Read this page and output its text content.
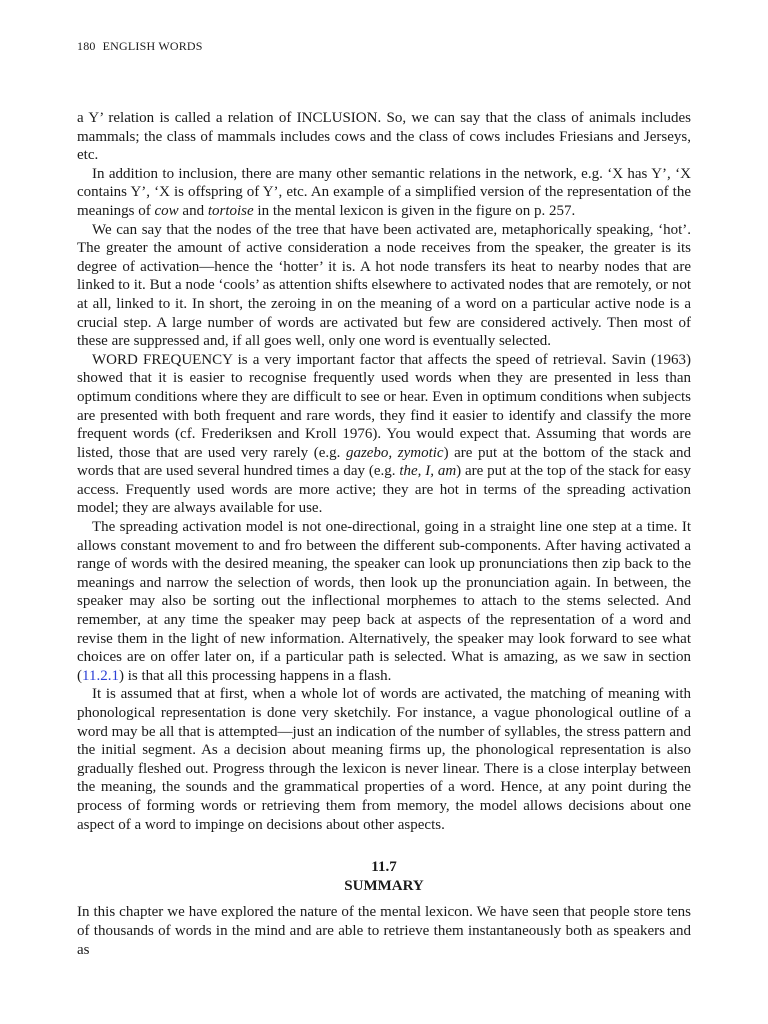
180 ENGLISH WORDS

a Y’ relation is called a relation of INCLUSION. So, we can say that the class of animals includes mammals; the class of mammals includes cows and the class of cows includes Friesians and Jerseys, etc.

In addition to inclusion, there are many other semantic relations in the network, e.g. ‘X has Y’, ‘X contains Y’, ‘X is offspring of Y’, etc. An example of a simplified version of the representation of the meanings of cow and tortoise in the mental lexicon is given in the figure on p. 257.

We can say that the nodes of the tree that have been activated are, metaphorically speaking, ‘hot’. The greater the amount of active consideration a node receives from the speaker, the greater is its degree of activation—hence the ‘hotter’ it is. A hot node transfers its heat to nearby nodes that are linked to it. But a node ‘cools’ as attention shifts elsewhere to activated nodes that are remotely, or not at all, linked to it. In short, the zeroing in on the meaning of a word on a particular active node is a crucial step. A large number of words are activated but few are considered actively. Then most of these are suppressed and, if all goes well, only one word is eventually selected.

WORD FREQUENCY is a very important factor that affects the speed of retrieval. Savin (1963) showed that it is easier to recognise frequently used words when they are presented in less than optimum conditions where they are difficult to see or hear. Even in optimum conditions when subjects are presented with both frequent and rare words, they find it easier to identify and classify the more frequent words (cf. Frederiksen and Kroll 1976). You would expect that. Assuming that words are listed, those that are used very rarely (e.g. gazebo, zymotic) are put at the bottom of the stack and words that are used several hundred times a day (e.g. the, I, am) are put at the top of the stack for easy access. Frequently used words are more active; they are hot in terms of the spreading activation model; they are always available for use.

The spreading activation model is not one-directional, going in a straight line one step at a time. It allows constant movement to and fro between the different sub-components. After having activated a range of words with the desired meaning, the speaker can look up pronunciations then zip back to the meanings and narrow the selection of words, then look up the pronunciation again. In between, the speaker may also be sorting out the inflectional morphemes to attach to the stems selected. And remember, at any time the speaker may peep back at aspects of the representation of a word and revise them in the light of new information. Alternatively, the speaker may look forward to see what choices are on offer later on, if a particular path is selected. What is amazing, as we saw in section (11.2.1) is that all this processing happens in a flash.

It is assumed that at first, when a whole lot of words are activated, the matching of meaning with phonological representation is done very sketchily. For instance, a vague phonological outline of a word may be all that is attempted—just an indication of the number of syllables, the stress pattern and the initial segment. As a decision about meaning firms up, the phonological representation is also gradually fleshed out. Progress through the lexicon is never linear. There is a close interplay between the meaning, the sounds and the grammatical properties of a word. Hence, at any point during the process of forming words or retrieving them from memory, the model allows decisions about one aspect of a word to impinge on decisions about other aspects.

11.7
SUMMARY

In this chapter we have explored the nature of the mental lexicon. We have seen that people store tens of thousands of words in the mind and are able to retrieve them instantaneously both as speakers and as
